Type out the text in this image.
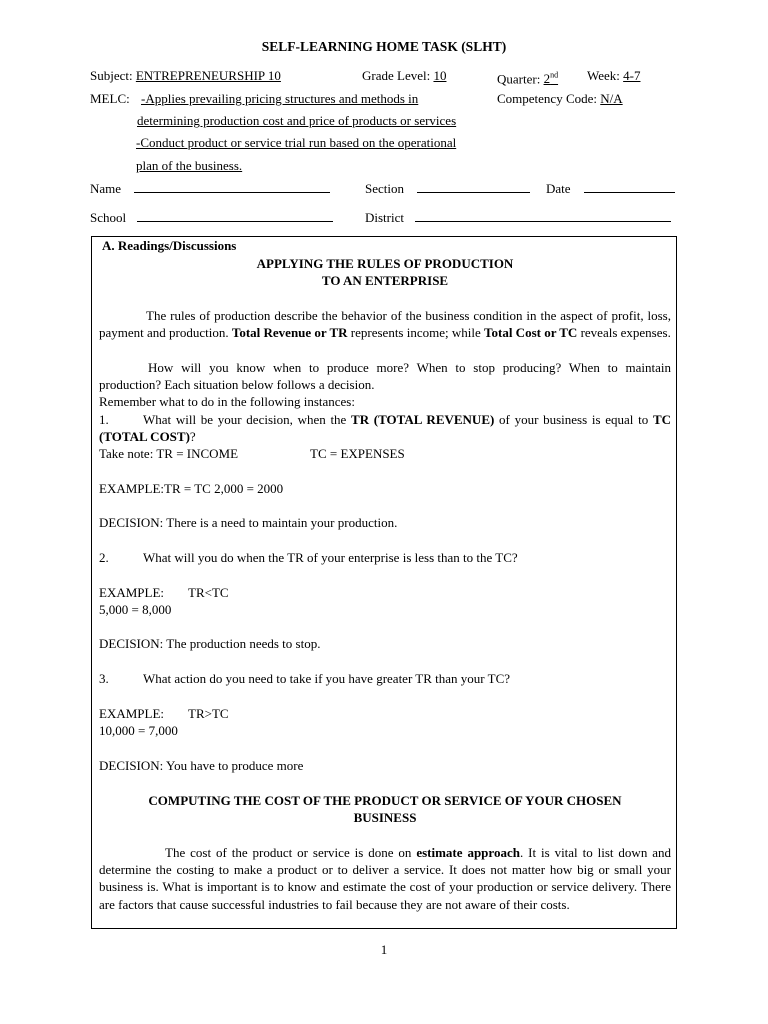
SELF-LEARNING HOME TASK (SLHT)
Subject: ENTREPRENEURSHIP 10	Grade Level: 10	Quarter: 2nd Week: 4-7
MELC: -Applies prevailing pricing structures and methods in
determining production cost and price of products or services
-Conduct product or service trial run based on the operational
plan of the business.
Competency Code: N/A
Name	Section	Date
School	District
A. Readings/Discussions
APPLYING THE RULES OF PRODUCTION
TO AN ENTERPRISE
The rules of production describe the behavior of the business condition in the aspect of profit, loss, payment and production. Total Revenue or TR represents income; while Total Cost or TC reveals expenses.
How will you know when to produce more? When to stop producing? When to maintain production? Each situation below follows a decision.
Remember what to do in the following instances:
1.	What will be your decision, when the TR (TOTAL REVENUE) of your business is equal to TC (TOTAL COST)?
Take note: TR = INCOME	TC = EXPENSES
EXAMPLE:TR = TC 2,000 = 2000
DECISION: There is a need to maintain your production.
2.	What will you do when the TR of your enterprise is less than to the TC?
EXAMPLE: TR<TC
5,000 = 8,000
DECISION: The production needs to stop.
3.	What action do you need to take if you have greater TR than your TC?
EXAMPLE: TR>TC
10,000 = 7,000
DECISION: You have to produce more
COMPUTING THE COST OF THE PRODUCT OR SERVICE OF YOUR CHOSEN
BUSINESS
The cost of the product or service is done on estimate approach. It is vital to list down and determine the costing to make a product or to deliver a service. It does not matter how big or small your business is. What is important is to know and estimate the cost of your production or service delivery. There are factors that cause successful industries to fail because they are not aware of their costs.
1
